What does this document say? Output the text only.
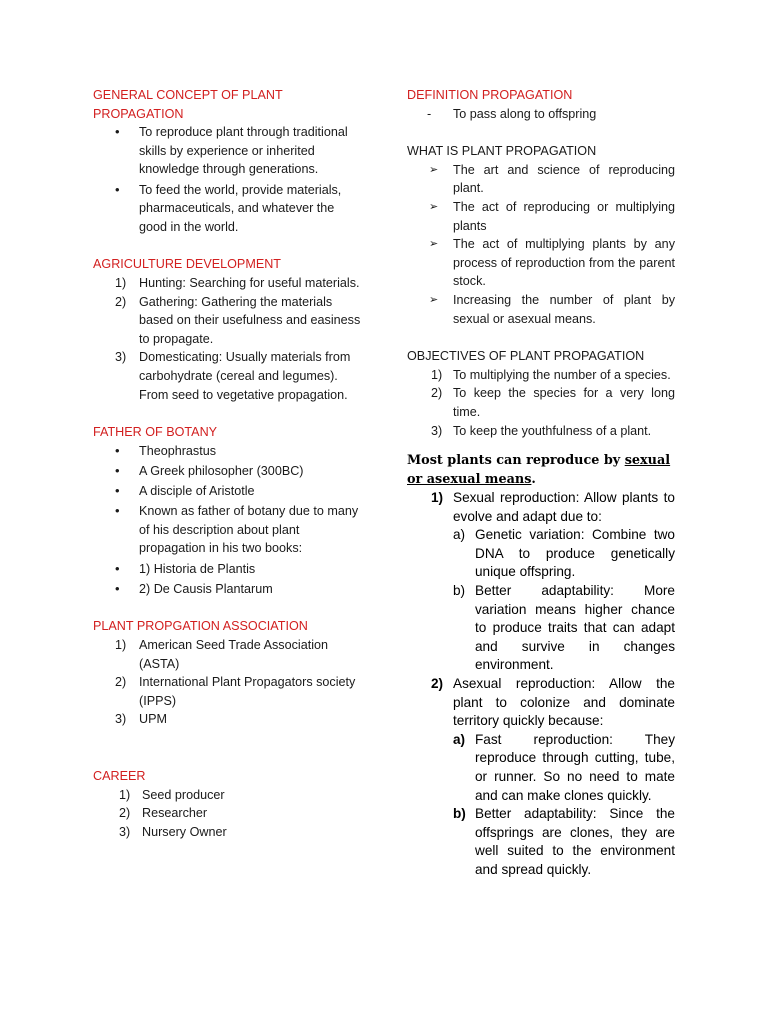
GENERAL CONCEPT OF PLANT PROPAGATION

• To reproduce plant through traditional skills by experience or inherited knowledge through generations.
• To feed the world, provide materials, pharmaceuticals, and whatever the good in the world.

AGRICULTURE DEVELOPMENT

1) Hunting: Searching for useful materials.
2) Gathering: Gathering the materials based on their usefulness and easiness to propagate.
3) Domesticating: Usually materials from carbohydrate (cereal and legumes). From seed to vegetative propagation.

FATHER OF BOTANY

• Theophrastus
• A Greek philosopher (300BC)
• A disciple of Aristotle
• Known as father of botany due to many of his description about plant propagation in his two books:
• 1) Historia de Plantis
• 2) De Causis Plantarum

PLANT PROPGATION ASSOCIATION

1) American Seed Trade Association (ASTA)
2) International Plant Propagators society (IPPS)
3) UPM

CAREER

1) Seed producer
2) Researcher
3) Nursery Owner

DEFINITION PROPAGATION

- To pass along to offspring

WHAT IS PLANT PROPAGATION

➢ The art and science of reproducing plant.
➢ The act of reproducing or multiplying plants
➢ The act of multiplying plants by any process of reproduction from the parent stock.
➢ Increasing the number of plant by sexual or asexual means.

OBJECTIVES OF PLANT PROPAGATION

1) To multiplying the number of a species.
2) To keep the species for a very long time.
3) To keep the youthfulness of a plant.

Most plants can reproduce by sexual or asexual means.

1) Sexual reproduction: Allow plants to evolve and adapt due to:
a) Genetic variation: Combine two DNA to produce genetically unique offspring.
b) Better adaptability: More variation means higher chance to produce traits that can adapt and survive in changes environment.
2) Asexual reproduction: Allow the plant to colonize and dominate territory quickly because:
a) Fast reproduction: They reproduce through cutting, tube, or runner. So no need to mate and can make clones quickly.
b) Better adaptability: Since the offsprings are clones, they are well suited to the environment and spread quickly.
